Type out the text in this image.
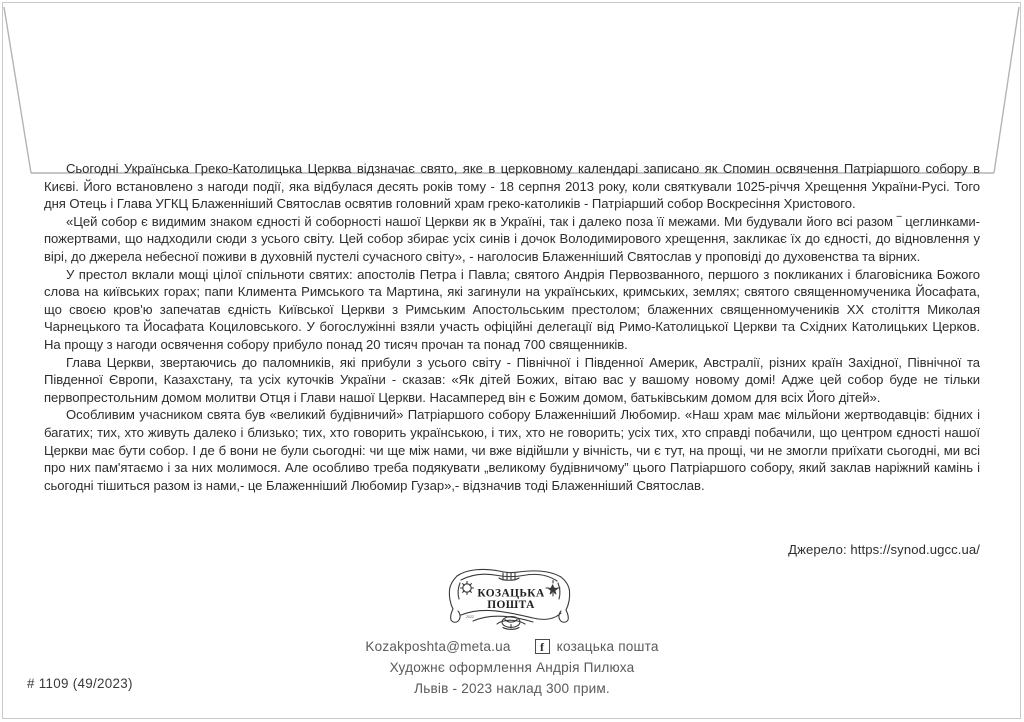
Сьогодні Українська Греко-Католицька Церква відзначає свято, яке в церковному календарі записано як Спомин освячення Патріаршого собору в Києві. Його встановлено з нагоди події, яка відбулася десять років тому - 18 серпня 2013 року, коли святкували 1025-річчя Хрещення України-Русі. Того дня Отець і Глава УГКЦ Блаженніший Святослав освятив головний храм греко-католиків - Патріарший собор Воскресіння Христового.

«Цей собор є видимим знаком єдності й соборності нашої Церкви як в Україні, так і далеко поза її межами. Ми будували його всі разом ‾ цеглинками-пожертвами, що надходили сюди з усього світу. Цей собор збирає усіх синів і дочок Володимирового хрещення, закликає їх до єдності, до відновлення у вірі, до джерела небесної поживи в духовній пустелі сучасного світу», - наголосив Блаженніший Святослав у проповіді до духовенства та вірних.

У престол вклали мощі цілої спільноти святих: апостолів Петра і Павла; святого Андрія Первозванного, першого з покликаних і благовісника Божого слова на київських горах; папи Климента Римського та Мартина, які загинули на українських, кримських, землях; святого священномученика Йосафата, що своєю кров'ю запечатав єдність Київської Церкви з Римським Апостольським престолом; блаженних священномучеників ХХ століття Миколая Чарнецького та Йосафата Коциловського. У богослужінні взяли участь офіційні делегації від Римо-Католицької Церкви та Східних Католицьких Церков. На прощу з нагоди освячення собору прибуло понад 20 тисяч прочан та понад 700 священників.

Глава Церкви, звертаючись до паломників, які прибули з усього світу - Північної і Південної Америк, Австралії, різних країн Західної, Північної та Південної Європи, Казахстану, та усіх куточків України - сказав: «Як дітей Божих, вітаю вас у вашому новому домі! Адже цей собор буде не тільки первопрестольним домом молитви Отця і Глави нашої Церкви. Насамперед він є Божим домом, батьківським домом для всіх Його дітей».

Особливим учасником свята був «великий будівничий» Патріаршого собору Блаженніший Любомир. «Наш храм має мільйони жертводавців: бідних і багатих; тих, хто живуть далеко і близько; тих, хто говорить українською, і тих, хто не говорить; усіх тих, хто справді побачили, що центром єдності нашої Церкви має бути собор. І де б вони не були сьогодні: чи ще між нами, чи вже відійшли у вічність, чи є тут, на прощі, чи не змогли приїхати сьогодні, ми всі про них пам'ятаємо і за них молимося. Але особливо треба подякувати „великому будівничому” цього Патріаршого собору, який заклав наріжний камінь і сьогодні тішиться разом із нами,- це Блаженніший Любомир Гузар»,- відзначив тоді Блаженніший Святослав.

Джерело: https://synod.ugcc.ua/
КОЗАЦЬКА
ПОШТА
2022
Kozakposhta@meta.ua	f козацька пошта
Художнє оформлення Андрія Пилюха
Львів - 2023 наклад 300 прим.
# 1109 (49/2023)
